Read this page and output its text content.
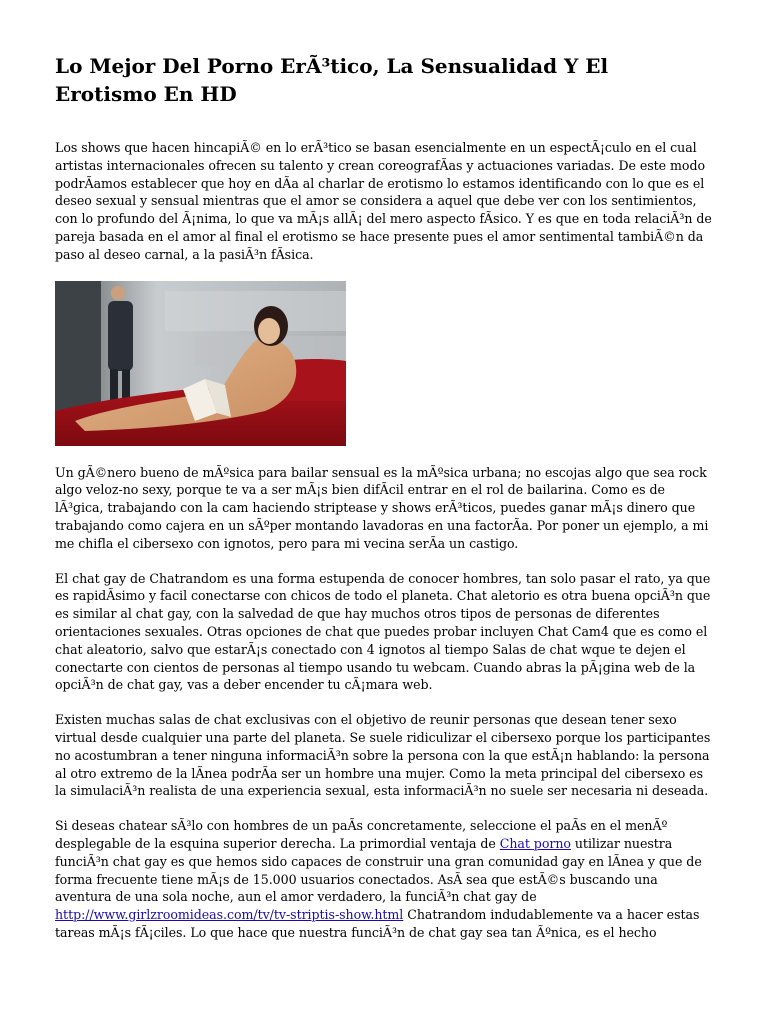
Lo Mejor Del Porno ErÃ³tico, La Sensualidad Y El Erotismo En HD

Los shows que hacen hincapiÃ© en lo erÃ³tico se basan esencialmente en un espectÃ¡culo en el cual artistas internacionales ofrecen su talento y crean coreografÃas y actuaciones variadas. De este modo podrÃamos establecer que hoy en dÃa al charlar de erotismo lo estamos identificando con lo que es el deseo sexual y sensual mientras que el amor se considera a aquel que debe ver con los sentimientos, con lo profundo del Ã¡nima, lo que va mÃ¡s allÃ¡ del mero aspecto fÃsico. Y es que en toda relaciÃ³n de pareja basada en el amor al final el erotismo se hace presente pues el amor sentimental tambiÃ©n da paso al deseo carnal, a la pasiÃ³n fÃsica.

Un gÃ©nero bueno de mÃºsica para bailar sensual es la mÃºsica urbana; no escojas algo que sea rock algo veloz-no sexy, porque te va a ser mÃ¡s bien difÃcil entrar en el rol de bailarina. Como es de lÃ³gica, trabajando con la cam haciendo striptease y shows erÃ³ticos, puedes ganar mÃ¡s dinero que trabajando como cajera en un sÃºper montando lavadoras en una factorÃa. Por poner un ejemplo, a mi me chifla el cibersexo con ignotos, pero para mi vecina serÃa un castigo.

El chat gay de Chatrandom es una forma estupenda de conocer hombres, tan solo pasar el rato, ya que es rapidÃsimo y facil conectarse con chicos de todo el planeta. Chat aletorio es otra buena opciÃ³n que es similar al chat gay, con la salvedad de que hay muchos otros tipos de personas de diferentes orientaciones sexuales. Otras opciones de chat que puedes probar incluyen Chat Cam4 que es como el chat aleatorio, salvo que estarÃ¡s conectado con 4 ignotos al tiempo Salas de chat wque te dejen el conectarte con cientos de personas al tiempo usando tu webcam. Cuando abras la pÃ¡gina web de la opciÃ³n de chat gay, vas a deber encender tu cÃ¡mara web.

Existen muchas salas de chat exclusivas con el objetivo de reunir personas que desean tener sexo virtual desde cualquier una parte del planeta. Se suele ridiculizar el cibersexo porque los participantes no acostumbran a tener ninguna informaciÃ³n sobre la persona con la que estÃ¡n hablando: la persona al otro extremo de la lÃnea podrÃa ser un hombre una mujer. Como la meta principal del cibersexo es la simulaciÃ³n realista de una experiencia sexual, esta informaciÃ³n no suele ser necesaria ni deseada.

Si deseas chatear sÃ³lo con hombres de un paÃs concretamente, seleccione el paÃs en el menÃº desplegable de la esquina superior derecha. La primordial ventaja de Chat porno utilizar nuestra funciÃ³n chat gay es que hemos sido capaces de construir una gran comunidad gay en lÃnea y que de forma frecuente tiene mÃ¡s de 15.000 usuarios conectados. AsÃ sea que estÃ©s buscando una aventura de una sola noche, aun el amor verdadero, la funciÃ³n chat gay de http://www.girlzroomideas.com/tv/tv-striptis-show.html Chatrandom indudablemente va a hacer estas tareas mÃ¡s fÃ¡ciles. Lo que hace que nuestra funciÃ³n de chat gay sea tan Ãºnica, es el hecho
